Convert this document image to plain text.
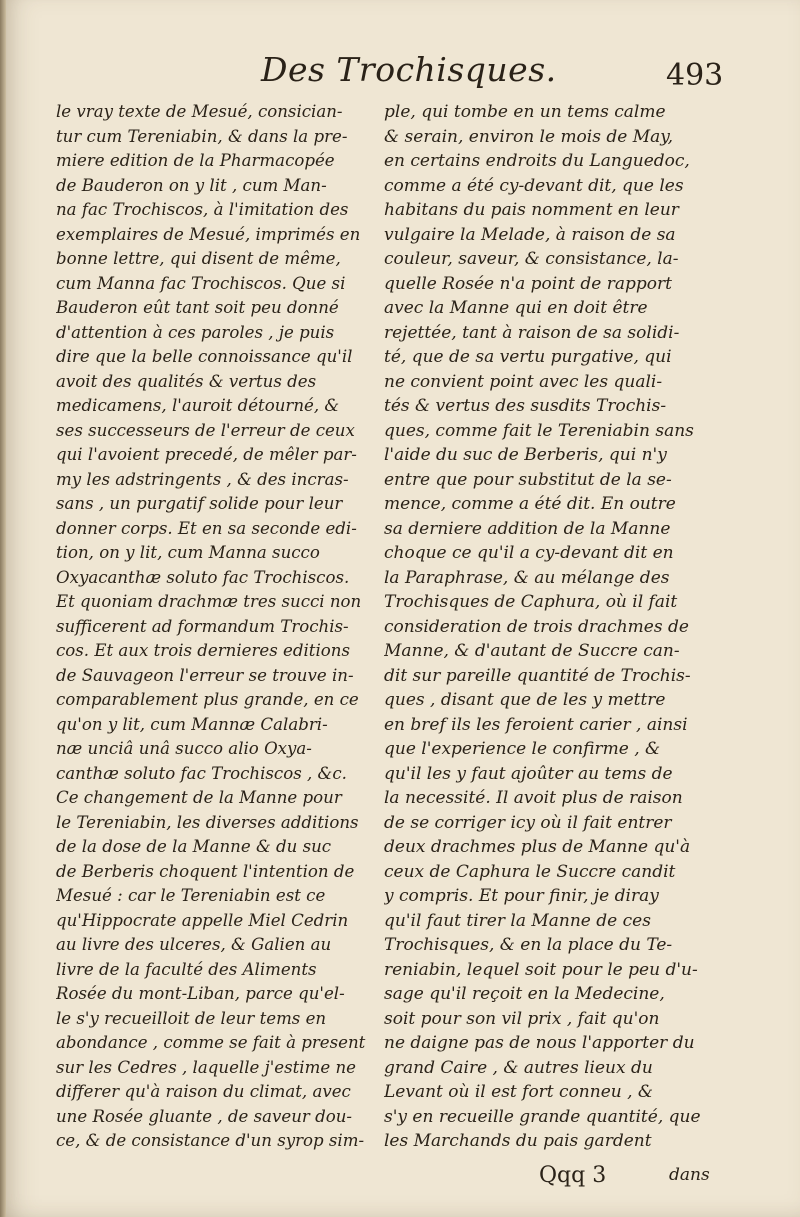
Des Trochisques.	493
le vray texte de Mesué, consician-
tur cum Tereniabin, & dans la pre-
miere edition de la Pharmacopée
de Bauderon on y lit , cum Man-
na fac Trochiscos, à l'imitation des
exemplaires de Mesué, imprimés en
bonne lettre, qui disent de même,
cum Manna fac Trochiscos. Que si
Bauderon eût tant soit peu donné
d'attention à ces paroles , je puis
dire que la belle connoissance qu'il
avoit des qualités & vertus des
medicamens, l'auroit détourné, &
ses successeurs de l'erreur de ceux
qui l'avoient precedé, de mêler par-
my les adstringents , & des incras-
sans , un purgatif solide pour leur
donner corps. Et en sa seconde edi-
tion, on y lit, cum Manna succo
Oxyacanthæ soluto fac Trochiscos.
Et quoniam drachmæ tres succi non
sufficerent ad formandum Trochis-
cos. Et aux trois dernieres editions
de Sauvageon l'erreur se trouve in-
comparablement plus grande, en ce
qu'on y lit, cum Mannæ Calabri-
næ unciâ unâ succo alio Oxya-
canthæ soluto fac Trochiscos , &c.
Ce changement de la Manne pour
le Tereniabin, les diverses additions
de la dose de la Manne & du suc
de Berberis choquent l'intention de
Mesué : car le Tereniabin est ce
qu'Hippocrate appelle Miel Cedrin
au livre des ulceres, & Galien au
livre de la faculté des Aliments
Rosée du mont-Liban, parce qu'el-
le s'y recueilloit de leur tems en
abondance , comme se fait à present
sur les Cedres , laquelle j'estime ne
differer qu'à raison du climat, avec
une Rosée gluante , de saveur dou-
ce, & de consistance d'un syrop sim-
ple, qui tombe en un tems calme
& serain, environ le mois de May,
en certains endroits du Languedoc,
comme a été cy-devant dit, que les
habitans du pais nomment en leur
vulgaire la Melade, à raison de sa
couleur, saveur, & consistance, la-
quelle Rosée n'a point de rapport
avec la Manne qui en doit être
rejettée, tant à raison de sa solidi-
té, que de sa vertu purgative, qui
ne convient point avec les quali-
tés & vertus des susdits Trochis-
ques, comme fait le Tereniabin sans
l'aide du suc de Berberis, qui n'y
entre que pour substitut de la se-
mence, comme a été dit. En outre
sa derniere addition de la Manne
choque ce qu'il a cy-devant dit en
la Paraphrase, & au mélange des
Trochisques de Caphura, où il fait
consideration de trois drachmes de
Manne, & d'autant de Succre can-
dit sur pareille quantité de Trochis-
ques , disant que de les y mettre
en bref ils les feroient carier , ainsi
que l'experience le confirme , &
qu'il les y faut ajoûter au tems de
la necessité. Il avoit plus de raison
de se corriger icy où il fait entrer
deux drachmes plus de Manne qu'à
ceux de Caphura le Succre candit
y compris. Et pour finir, je diray
qu'il faut tirer la Manne de ces
Trochisques, & en la place du Te-
reniabin, lequel soit pour le peu d'u-
sage qu'il reçoit en la Medecine,
soit pour son vil prix , fait qu'on
ne daigne pas de nous l'apporter du
grand Caire , & autres lieux du
Levant où il est fort conneu , &
s'y en recueille grande quantité, que
les Marchands du pais gardent
Qqq 3	dans
